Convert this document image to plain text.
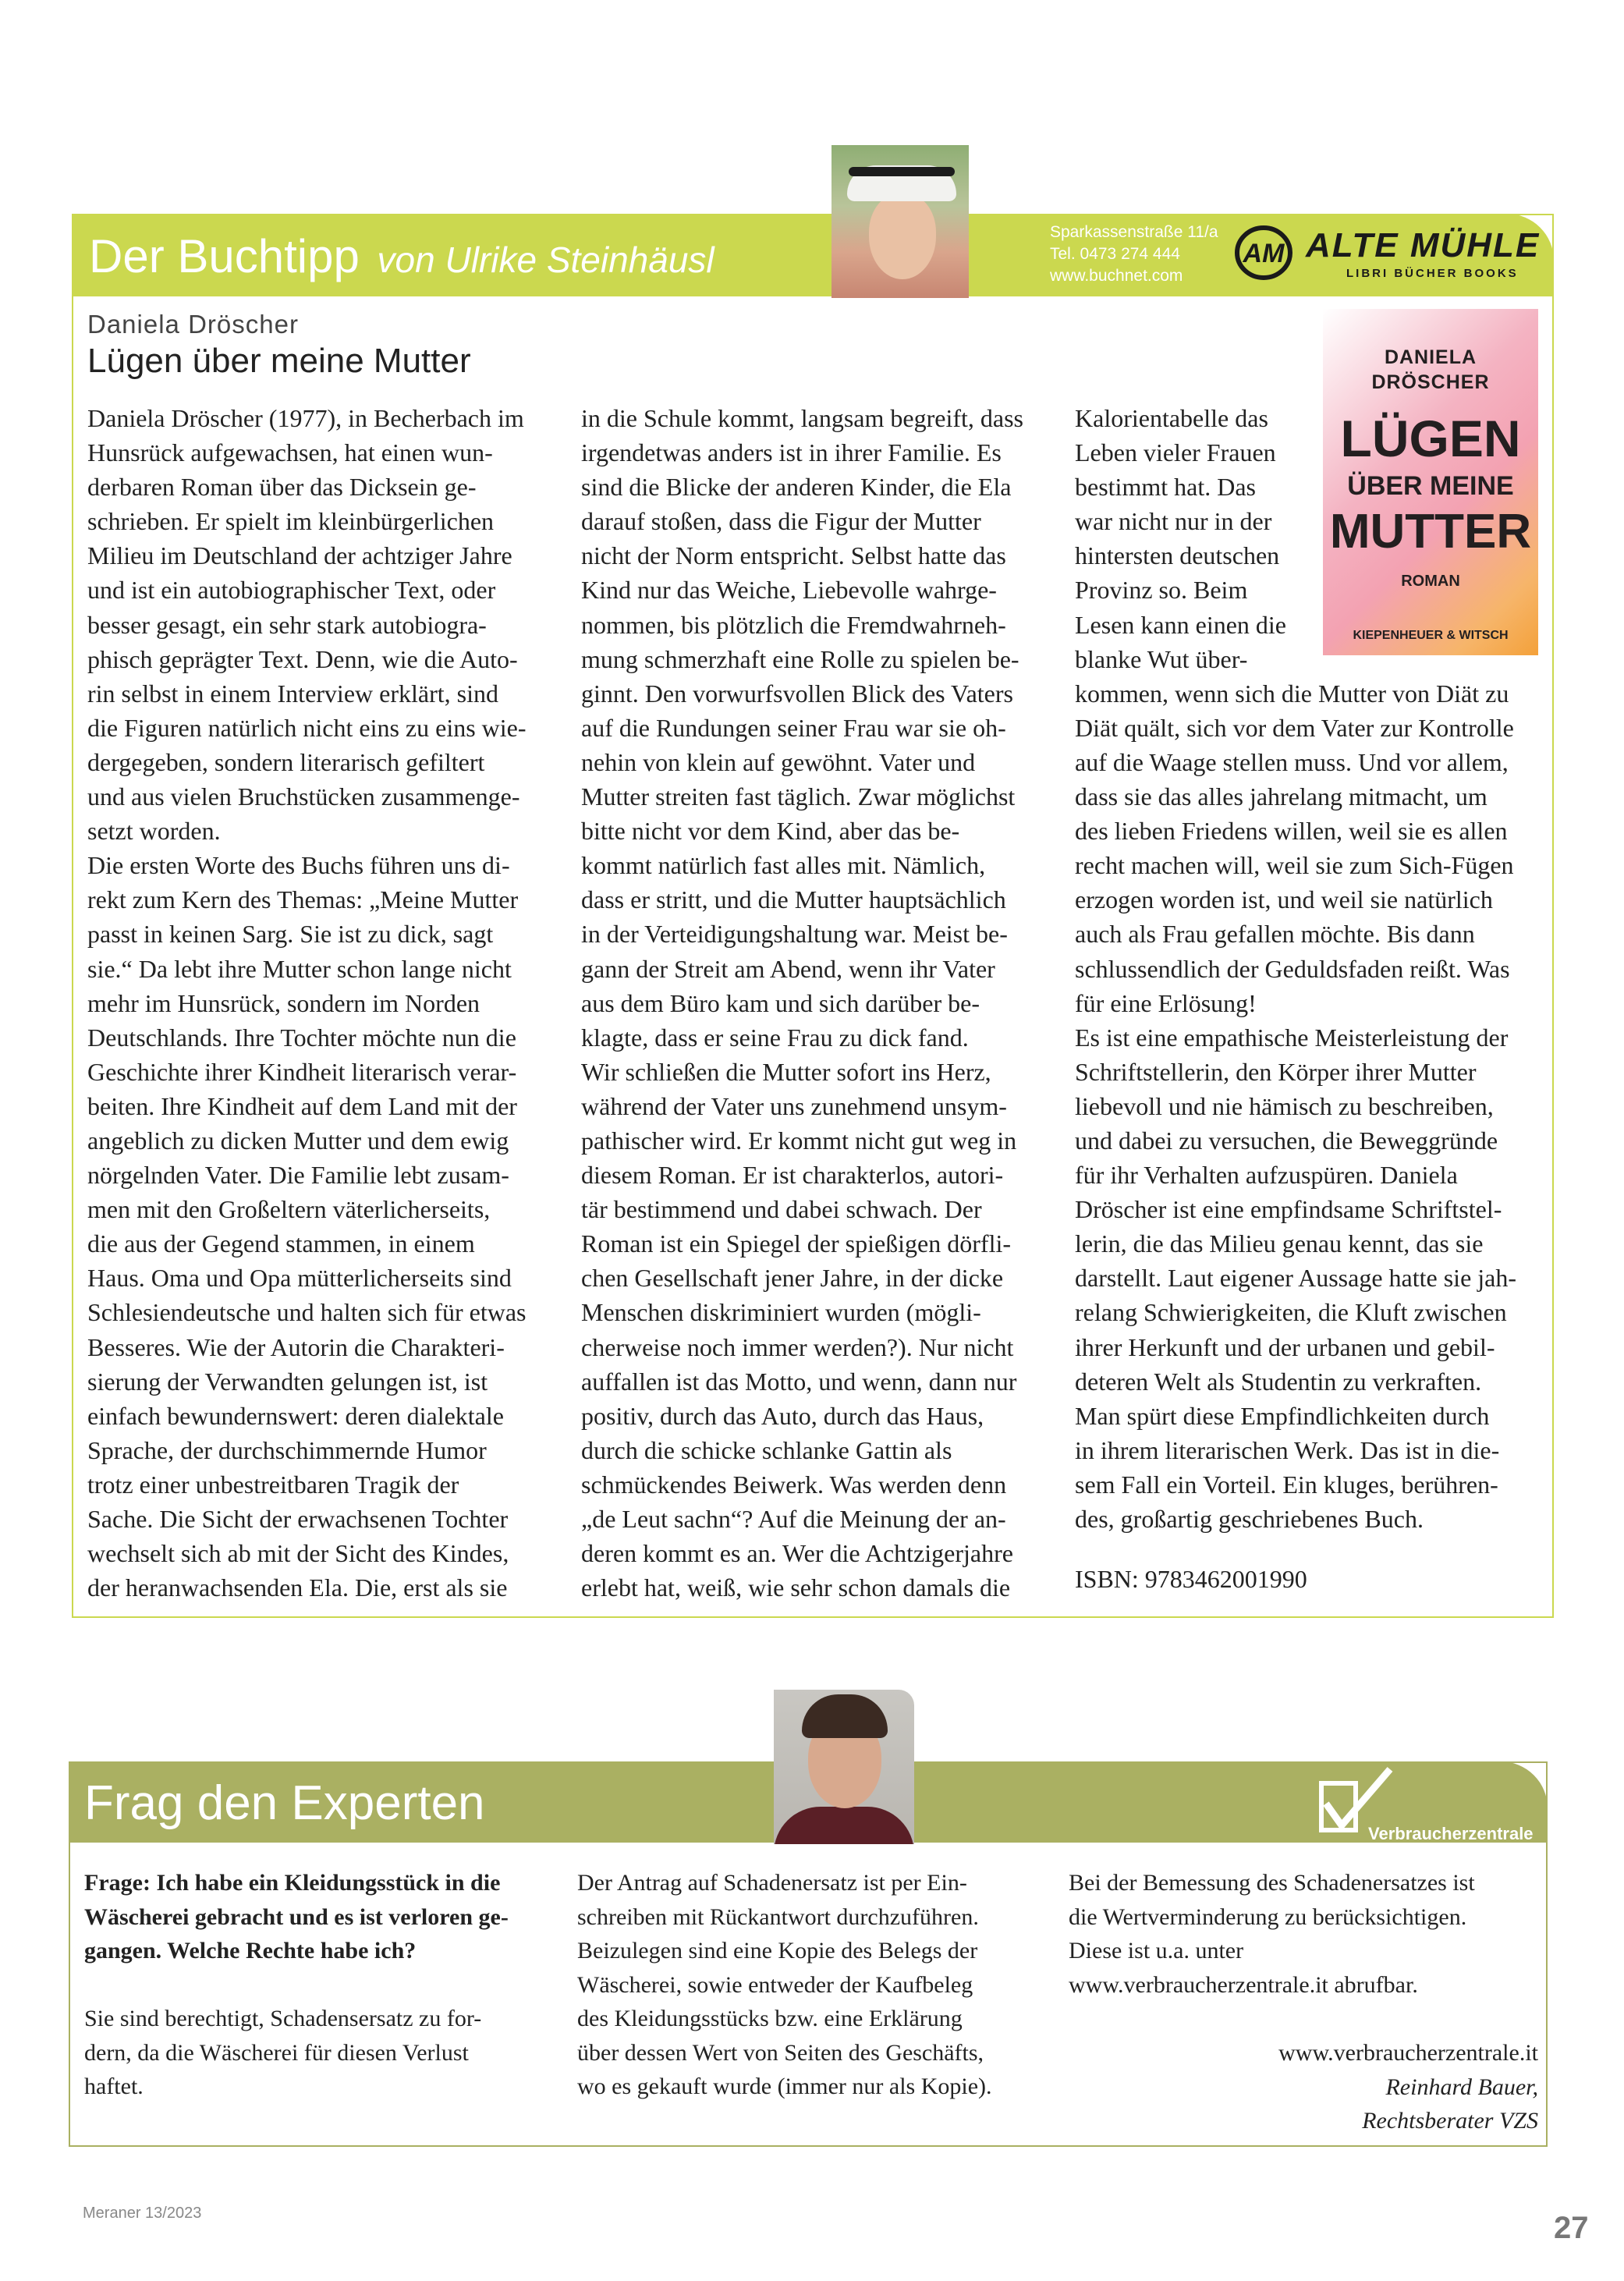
Der Buchtipp von Ulrike Steinhäusl
Sparkassenstraße 11/a
Tel. 0473 274 444
www.buchnet.com
AM ALTE MÜHLE
LIBRI BÜCHER BOOKS
Daniela Dröscher
Lügen über meine Mutter	DANIELA
DRÖSCHER
LÜGEN
ÜBER MEINE
MUTTER
ROMAN
KIEPENHEUER & WITSCH
Daniela Dröscher (1977), in Becherbach im
Hunsrück aufgewachsen, hat einen wun-
derbaren Roman über das Dicksein ge-
schrieben. Er spielt im kleinbürgerlichen
Milieu im Deutschland der achtziger Jahre
und ist ein autobiographischer Text, oder
besser gesagt, ein sehr stark autobiogra-
phisch geprägter Text. Denn, wie die Auto-
rin selbst in einem Interview erklärt, sind
die Figuren natürlich nicht eins zu eins wie-
dergegeben, sondern literarisch gefiltert
und aus vielen Bruchstücken zusammenge-
setzt worden.
Die ersten Worte des Buchs führen uns di-
rekt zum Kern des Themas: „Meine Mutter
passt in keinen Sarg. Sie ist zu dick, sagt
sie.“ Da lebt ihre Mutter schon lange nicht
mehr im Hunsrück, sondern im Norden
Deutschlands. Ihre Tochter möchte nun die
Geschichte ihrer Kindheit literarisch verar-
beiten. Ihre Kindheit auf dem Land mit der
angeblich zu dicken Mutter und dem ewig
nörgelnden Vater. Die Familie lebt zusam-
men mit den Großeltern väterlicherseits,
die aus der Gegend stammen, in einem
Haus. Oma und Opa mütterlicherseits sind
Schlesiendeutsche und halten sich für etwas
Besseres. Wie der Autorin die Charakteri-
sierung der Verwandten gelungen ist, ist
einfach bewundernswert: deren dialektale
Sprache, der durchschimmernde Humor
trotz einer unbestreitbaren Tragik der
Sache. Die Sicht der erwachsenen Tochter
wechselt sich ab mit der Sicht des Kindes,
der heranwachsenden Ela. Die, erst als sie
in die Schule kommt, langsam begreift, dass
irgendetwas anders ist in ihrer Familie. Es
sind die Blicke der anderen Kinder, die Ela
darauf stoßen, dass die Figur der Mutter
nicht der Norm entspricht. Selbst hatte das
Kind nur das Weiche, Liebevolle wahrge-
nommen, bis plötzlich die Fremdwahrneh-
mung schmerzhaft eine Rolle zu spielen be-
ginnt. Den vorwurfsvollen Blick des Vaters
auf die Rundungen seiner Frau war sie oh-
nehin von klein auf gewöhnt. Vater und
Mutter streiten fast täglich. Zwar möglichst
bitte nicht vor dem Kind, aber das be-
kommt natürlich fast alles mit. Nämlich,
dass er stritt, und die Mutter hauptsächlich
in der Verteidigungshaltung war. Meist be-
gann der Streit am Abend, wenn ihr Vater
aus dem Büro kam und sich darüber be-
klagte, dass er seine Frau zu dick fand.
Wir schließen die Mutter sofort ins Herz,
während der Vater uns zunehmend unsym-
pathischer wird. Er kommt nicht gut weg in
diesem Roman. Er ist charakterlos, autori-
tär bestimmend und dabei schwach. Der
Roman ist ein Spiegel der spießigen dörfli-
chen Gesellschaft jener Jahre, in der dicke
Menschen diskriminiert wurden (mögli-
cherweise noch immer werden?). Nur nicht
auffallen ist das Motto, und wenn, dann nur
positiv, durch das Auto, durch das Haus,
durch die schicke schlanke Gattin als
schmückendes Beiwerk. Was werden denn
„de Leut sachn“? Auf die Meinung der an-
deren kommt es an. Wer die Achtzigerjahre
erlebt hat, weiß, wie sehr schon damals die
Kalorientabelle das
Leben vieler Frauen
bestimmt hat. Das
war nicht nur in der
hintersten deutschen
Provinz so. Beim
Lesen kann einen die
blanke Wut über-
kommen, wenn sich die Mutter von Diät zu
Diät quält, sich vor dem Vater zur Kontrolle
auf die Waage stellen muss. Und vor allem,
dass sie das alles jahrelang mitmacht, um
des lieben Friedens willen, weil sie es allen
recht machen will, weil sie zum Sich-Fügen
erzogen worden ist, und weil sie natürlich
auch als Frau gefallen möchte. Bis dann
schlussendlich der Geduldsfaden reißt. Was
für eine Erlösung!
Es ist eine empathische Meisterleistung der
Schriftstellerin, den Körper ihrer Mutter
liebevoll und nie hämisch zu beschreiben,
und dabei zu versuchen, die Beweggründe
für ihr Verhalten aufzuspüren. Daniela
Dröscher ist eine empfindsame Schriftstel-
lerin, die das Milieu genau kennt, das sie
darstellt. Laut eigener Aussage hatte sie jah-
relang Schwierigkeiten, die Kluft zwischen
ihrer Herkunft und der urbanen und gebil-
deteren Welt als Studentin zu verkraften.
Man spürt diese Empfindlichkeiten durch
in ihrem literarischen Werk. Das ist in die-
sem Fall ein Vorteil. Ein kluges, berühren-
des, großartig geschriebenes Buch.
ISBN: 9783462001990
Frag den Experten
Verbraucherzentrale
Frage: Ich habe ein Kleidungsstück in die
Wäscherei gebracht und es ist verloren ge-
gangen. Welche Rechte habe ich?
Sie sind berechtigt, Schadensersatz zu for-
dern, da die Wäscherei für diesen Verlust
haftet.
Der Antrag auf Schadenersatz ist per Ein-
schreiben mit Rückantwort durchzuführen.
Beizulegen sind eine Kopie des Belegs der
Wäscherei, sowie entweder der Kaufbeleg
des Kleidungsstücks bzw. eine Erklärung
über dessen Wert von Seiten des Geschäfts,
wo es gekauft wurde (immer nur als Kopie).
Bei der Bemessung des Schadenersatzes ist
die Wertverminderung zu berücksichtigen.
Diese ist u.a. unter
www.verbraucherzentrale.it abrufbar.
www.verbraucherzentrale.it
Reinhard Bauer,
Rechtsberater VZS
Meraner 13/2023	27
